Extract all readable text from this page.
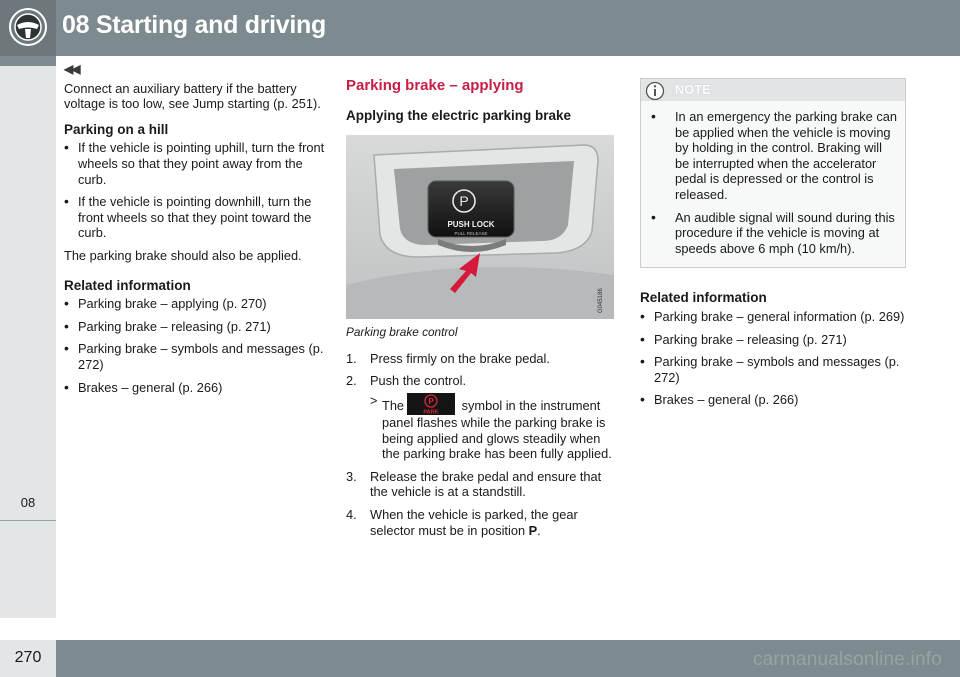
08 Starting and driving
08
270	carmanualsonline.info
◀◀

Connect an auxiliary battery if the battery voltage is too low, see Jump starting (p. 251).

Parking on a hill
• If the vehicle is pointing uphill, turn the front wheels so that they point away from the curb.
• If the vehicle is pointing downhill, turn the front wheels so that they point toward the curb.

The parking brake should also be applied.

Related information
• Parking brake – applying (p. 270)
• Parking brake – releasing (p. 271)
• Parking brake – symbols and messages (p. 272)
• Brakes – general (p. 266)
Parking brake – applying
Applying the electric parking brake
P
PUSH LOCK
PULL RELEASE
G045186
Parking brake control
1. Press firmly on the brake pedal.
2. Push the control.
> The	P
PARK symbol in the instrument panel flashes while the parking brake is being applied and glows steadily when the parking brake has been fully applied.
3. Release the brake pedal and ensure that the vehicle is at a standstill.
4. When the vehicle is parked, the gear selector must be in position P.
NOTE
• In an emergency the parking brake can be applied when the vehicle is moving by holding in the control. Braking will be interrupted when the accelerator pedal is depressed or the control is released.
• An audible signal will sound during this procedure if the vehicle is moving at speeds above 6 mph (10 km/h).
Related information
• Parking brake – general information (p. 269)
• Parking brake – releasing (p. 271)
• Parking brake – symbols and messages (p. 272)
• Brakes – general (p. 266)
